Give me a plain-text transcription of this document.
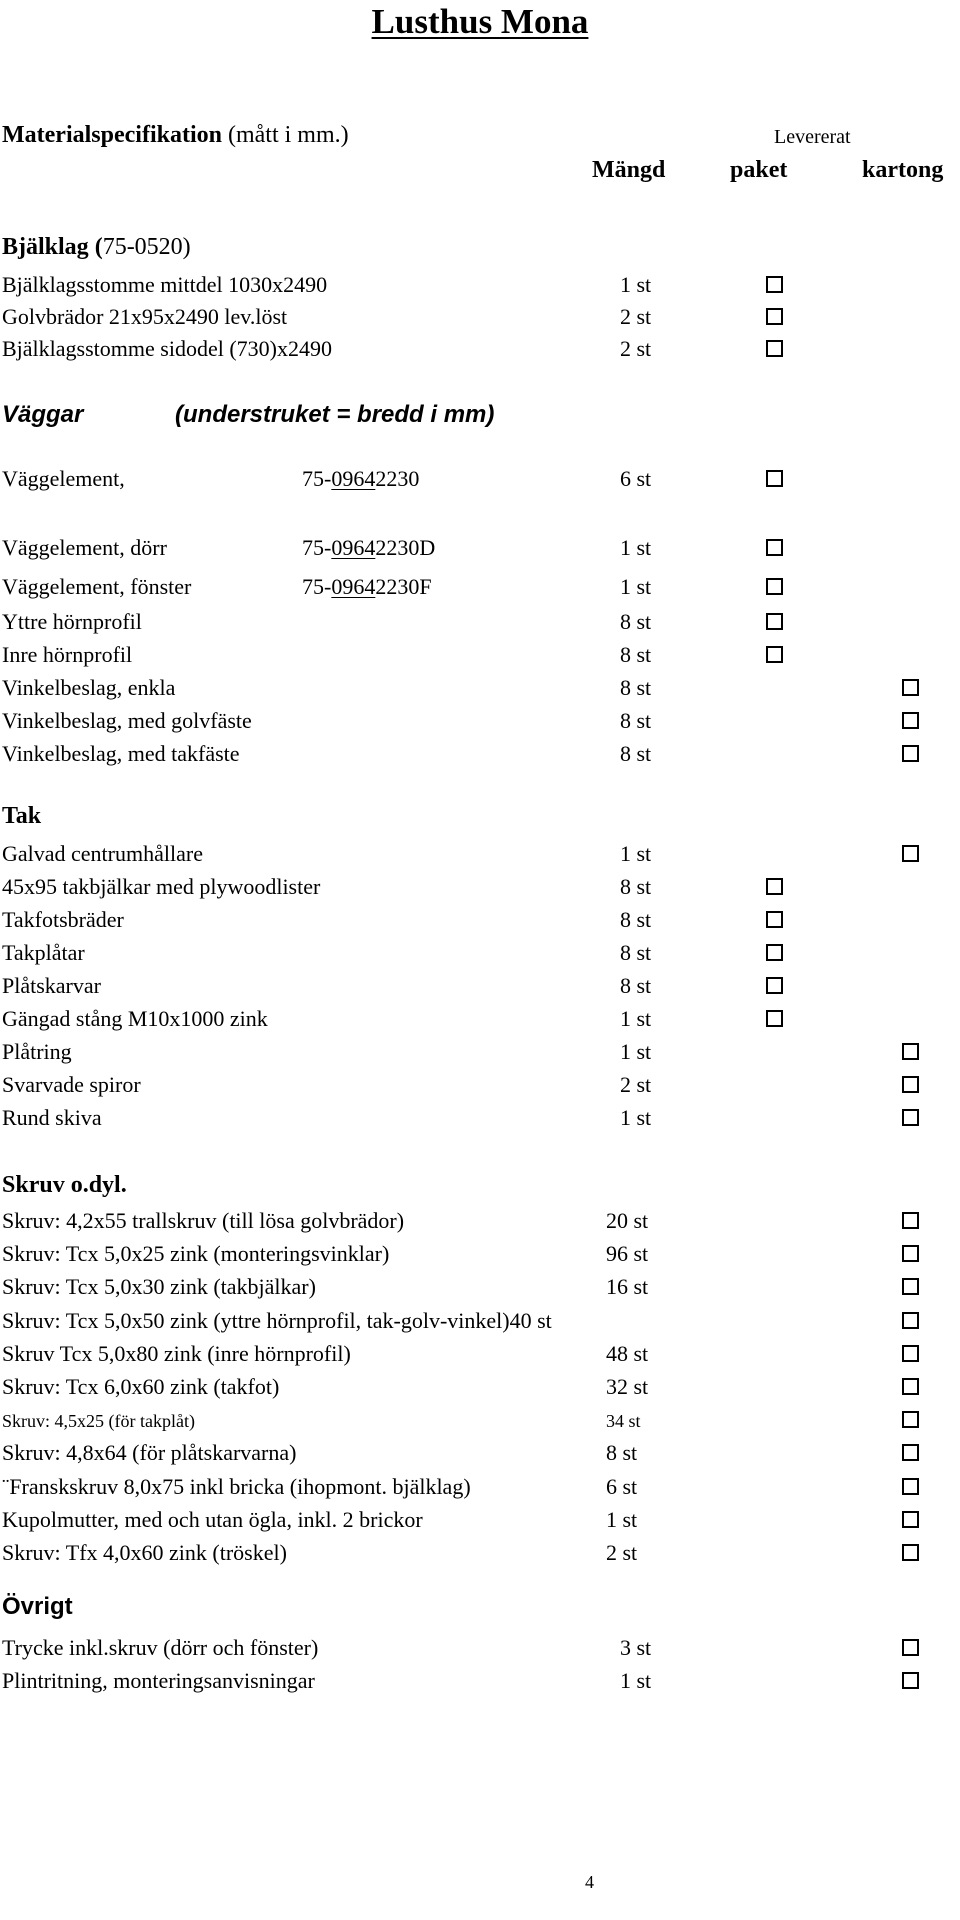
Lusthus Mona
Materialspecifikation (mått i mm.)	Levererat
Mängd	paket	kartong
Bjälklag (75-0520)
Bjälklagsstomme mittdel 1030x2490	1 st
Golvbrädor 21x95x2490 lev.löst	2 st
Bjälklagsstomme sidodel (730)x2490	2 st
Väggar	(understruket = bredd i mm)
Väggelement,	75-09642230	6 st
Väggelement, dörr	75-09642230D	1 st
Väggelement, fönster	75-09642230F	1 st
Yttre hörnprofil	8 st
Inre hörnprofil	8 st
Vinkelbeslag, enkla	8 st
Vinkelbeslag, med golvfäste	8 st
Vinkelbeslag, med takfäste	8 st
Tak
Galvad centrumhållare	1 st
45x95 takbjälkar med plywoodlister	8 st
Takfotsbräder	8 st
Takplåtar	8 st
Plåtskarvar	8 st
Gängad stång M10x1000 zink	1 st
Plåtring	1 st
Svarvade spiror	2 st
Rund skiva	1 st
Skruv o.dyl.
Skruv: 4,2x55 trallskruv (till lösa golvbrädor)	20 st
Skruv: Tcx 5,0x25 zink (monteringsvinklar)	96 st
Skruv: Tcx 5,0x30 zink (takbjälkar)	16 st
Skruv: Tcx 5,0x50 zink (yttre hörnprofil, tak-golv-vinkel)40 st
Skruv Tcx 5,0x80 zink (inre hörnprofil)	48 st
Skruv: Tcx 6,0x60 zink (takfot)	32 st
Skruv: 4,5x25 (för takplåt)	34 st
Skruv: 4,8x64 (för plåtskarvarna)	8 st
¨Franskskruv 8,0x75 inkl bricka (ihopmont. bjälklag)	6 st
Kupolmutter, med och utan ögla, inkl. 2 brickor	1 st
Skruv: Tfx 4,0x60 zink (tröskel)	2 st
Övrigt
Trycke inkl.skruv (dörr och fönster)	3 st
Plintritning, monteringsanvisningar	1 st
4
